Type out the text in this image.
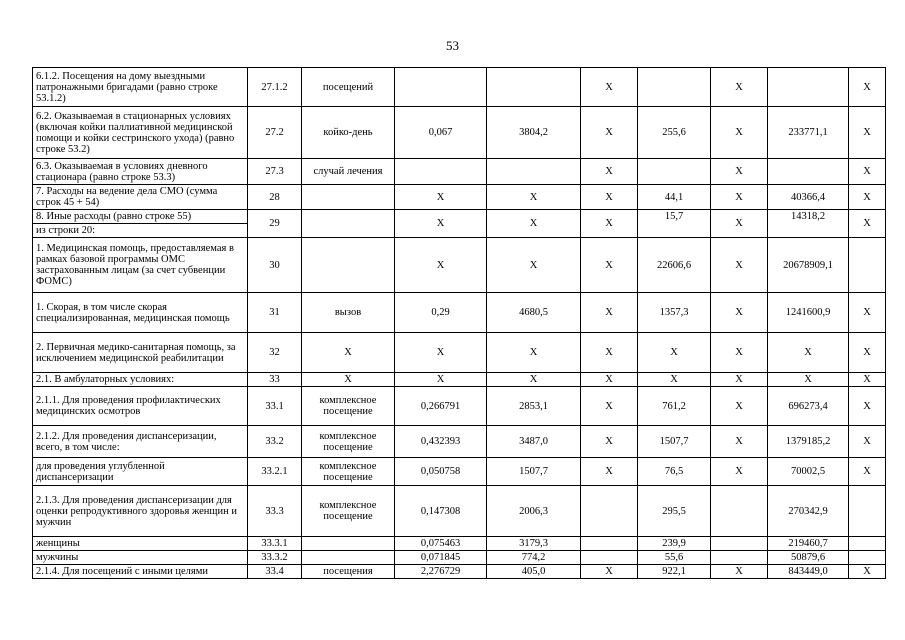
53
6.1.2. Посещения на дому выездными патронажными бригадами (равно строке 53.1.2)	27.1.2	посещений			X		X		X
6.2. Оказываемая в стационарных условиях (включая койки паллиативной медицинской помощи и койки сестринского ухода) (равно строке 53.2)	27.2	койко-день	0,067	3804,2	X	255,6	X	233771,1	X
6.3. Оказываемая в условиях дневного стационара (равно строке 53.3)	27.3	случай лечения			X		X		X
7. Расходы на ведение дела СМО (сумма строк 45 + 54)	28		X	X	X	44,1	X	40366,4	X
8. Иные расходы (равно строке 55)	29		X	X	X	15,7	X	14318,2	X
из строки 20:									
1. Медицинская помощь, предоставляемая в рамках базовой программы ОМС застрахованным лицам (за счет субвенции ФОМС)	30		X	X	X	22606,6	X	20678909,1	
1. Скорая, в том числе скорая специализированная, медицинская помощь	31	вызов	0,29	4680,5	X	1357,3	X	1241600,9	X
2. Первичная медико-санитарная помощь, за исключением медицинской реабилитации	32	X	X	X	X	X	X	X	X
2.1. В амбулаторных условиях:	33	X	X	X	X	X	X	X	X
2.1.1. Для проведения профилактических медицинских осмотров	33.1	комплексное посещение	0,266791	2853,1	X	761,2	X	696273,4	X
2.1.2. Для проведения диспансеризации, всего, в том числе:	33.2	комплексное посещение	0,432393	3487,0	X	1507,7	X	1379185,2	X
для проведения углубленной диспансеризации	33.2.1	комплексное посещение	0,050758	1507,7	X	76,5	X	70002,5	X
2.1.3. Для проведения диспансеризации для оценки репродуктивного здоровья женщин и мужчин	33.3	комплексное посещение	0,147308	2006,3		295,5		270342,9	
женщины	33.3.1		0,075463	3179,3		239,9		219460,7	
мужчины	33.3.2		0,071845	774,2		55,6		50879,6	
2.1.4. Для посещений с иными целями	33.4	посещения	2,276729	405,0	X	922,1	X	843449,0	X
